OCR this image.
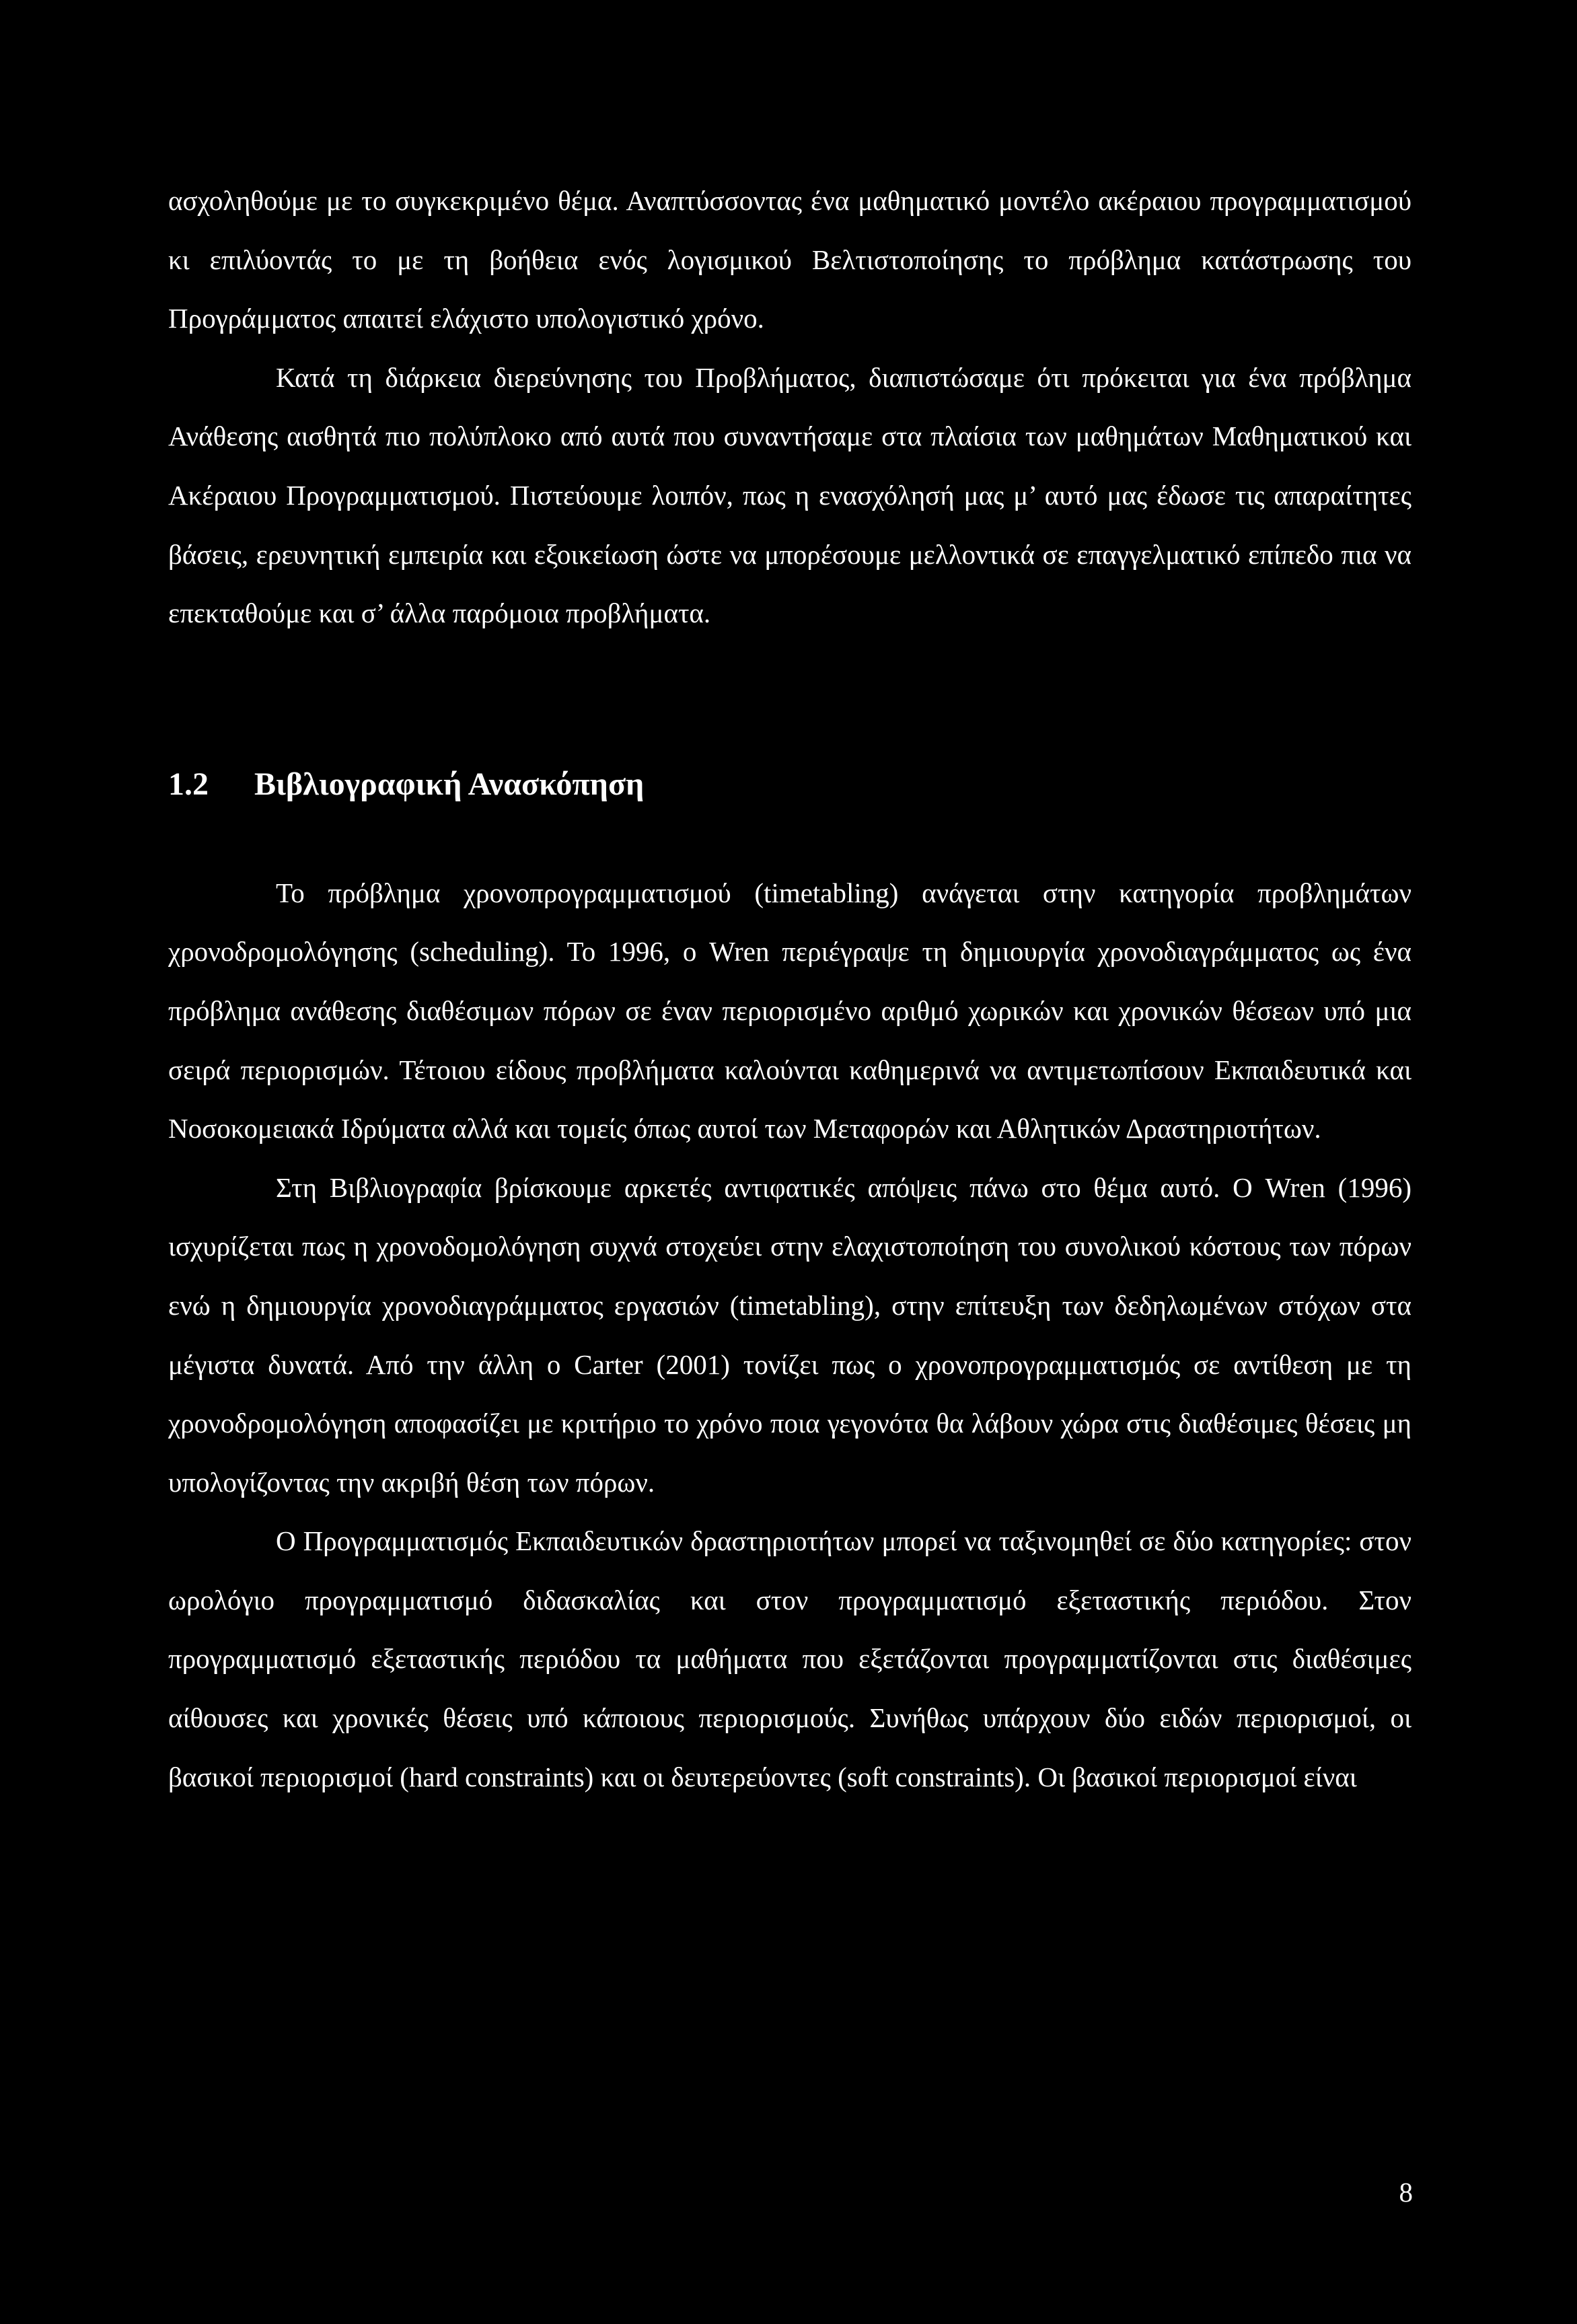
ασχοληθούμε με το συγκεκριμένο θέμα. Αναπτύσσοντας ένα μαθηματικό μοντέλο ακέραιου προγραμματισμού κι επιλύοντάς το με τη βοήθεια ενός λογισμικού Βελτιστοποίησης το πρόβλημα κατάστρωσης του Προγράμματος απαιτεί ελάχιστο υπολογιστικό χρόνο.

Κατά τη διάρκεια διερεύνησης του Προβλήματος, διαπιστώσαμε ότι πρόκειται για ένα πρόβλημα Ανάθεσης αισθητά πιο πολύπλοκο από αυτά που συναντήσαμε στα πλαίσια των μαθημάτων Μαθηματικού και Ακέραιου Προγραμματισμού. Πιστεύουμε λοιπόν, πως η ενασχόλησή μας μ’ αυτό μας έδωσε τις απαραίτητες βάσεις, ερευνητική εμπειρία και εξοικείωση ώστε να μπορέσουμε μελλοντικά σε επαγγελματικό επίπεδο πια να επεκταθούμε και σ’ άλλα παρόμοια προβλήματα.

1.2 Βιβλιογραφική Ανασκόπηση

Το πρόβλημα χρονοπρογραμματισμού (timetabling) ανάγεται στην κατηγορία προβλημάτων χρονοδρομολόγησης (scheduling). Το 1996, ο Wren περιέγραψε τη δημιουργία χρονοδιαγράμματος ως ένα πρόβλημα ανάθεσης διαθέσιμων πόρων σε έναν περιορισμένο αριθμό χωρικών και χρονικών θέσεων υπό μια σειρά περιορισμών. Τέτοιου είδους προβλήματα καλούνται καθημερινά να αντιμετωπίσουν Εκπαιδευτικά και Νοσοκομειακά Ιδρύματα αλλά και τομείς όπως αυτοί των Μεταφορών και Αθλητικών Δραστηριοτήτων.

Στη Βιβλιογραφία βρίσκουμε αρκετές αντιφατικές απόψεις πάνω στο θέμα αυτό. Ο Wren (1996) ισχυρίζεται πως η χρονοδομολόγηση συχνά στοχεύει στην ελαχιστοποίηση του συνολικού κόστους των πόρων ενώ η δημιουργία χρονοδιαγράμματος εργασιών (timetabling), στην επίτευξη των δεδηλωμένων στόχων στα μέγιστα δυνατά. Από την άλλη ο Carter (2001) τονίζει πως ο χρονοπρογραμματισμός σε αντίθεση με τη χρονοδρομολόγηση αποφασίζει με κριτήριο το χρόνο ποια γεγονότα θα λάβουν χώρα στις διαθέσιμες θέσεις μη υπολογίζοντας την ακριβή θέση των πόρων.

Ο Προγραμματισμός Εκπαιδευτικών δραστηριοτήτων μπορεί να ταξινομηθεί σε δύο κατηγορίες: στον ωρολόγιο προγραμματισμό διδασκαλίας και στον προγραμματισμό εξεταστικής περιόδου. Στον προγραμματισμό εξεταστικής περιόδου τα μαθήματα που εξετάζονται προγραμματίζονται στις διαθέσιμες αίθουσες και χρονικές θέσεις υπό κάποιους περιορισμούς. Συνήθως υπάρχουν δύο ειδών περιορισμοί, οι βασικοί περιορισμοί (hard constraints) και οι δευτερεύοντες (soft constraints). Οι βασικοί περιορισμοί είναι

8
